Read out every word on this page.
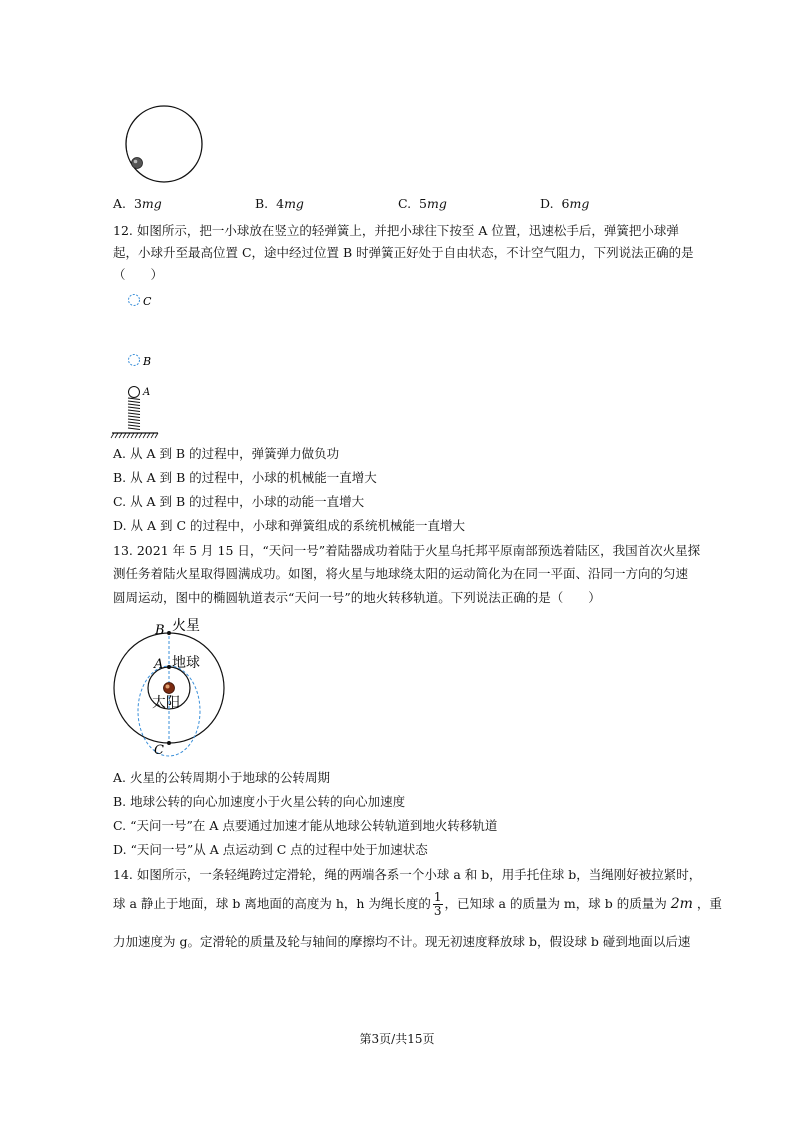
A. 3mg	B. 4mg	C. 5mg	D. 6mg
12. 如图所示，把一小球放在竖立的轻弹簧上，并把小球往下按至 A 位置，迅速松手后，弹簧把小球弹
起，小球升至最高位置 C，途中经过位置 B 时弹簧正好处于自由状态，不计空气阻力，下列说法正确的是
（　　）
C
B
A
A. 从 A 到 B 的过程中，弹簧弹力做负功
B. 从 A 到 B 的过程中，小球的机械能一直增大
C. 从 A 到 B 的过程中，小球的动能一直增大
D. 从 A 到 C 的过程中，小球和弹簧组成的系统机械能一直增大
13. 2021 年 5 月 15 日，“天问一号”着陆器成功着陆于火星乌托邦平原南部预选着陆区，我国首次火星探
测任务着陆火星取得圆满成功。如图，将火星与地球绕太阳的运动简化为在同一平面、沿同一方向的匀速
圆周运动，图中的椭圆轨道表示“天问一号”的地火转移轨道。下列说法正确的是（　　）
B 火星
A 地球
太阳
C
A. 火星的公转周期小于地球的公转周期
B. 地球公转的向心加速度小于火星公转的向心加速度
C. “天问一号”在 A 点要通过加速才能从地球公转轨道到地火转移轨道
D. “天问一号”从 A 点运动到 C 点的过程中处于加速状态
14. 如图所示，一条轻绳跨过定滑轮，绳的两端各系一个小球 a 和 b，用手托住球 b，当绳刚好被拉紧时，
球 a 静止于地面，球 b 离地面的高度为 h，h 为绳长度的 $\frac{1}{3}$ ，已知球 a 的质量为 m，球 b 的质量为 2m ，重
力加速度为 g。定滑轮的质量及轮与轴间的摩擦均不计。现无初速度释放球 b，假设球 b 碰到地面以后速
第3页/共15页
